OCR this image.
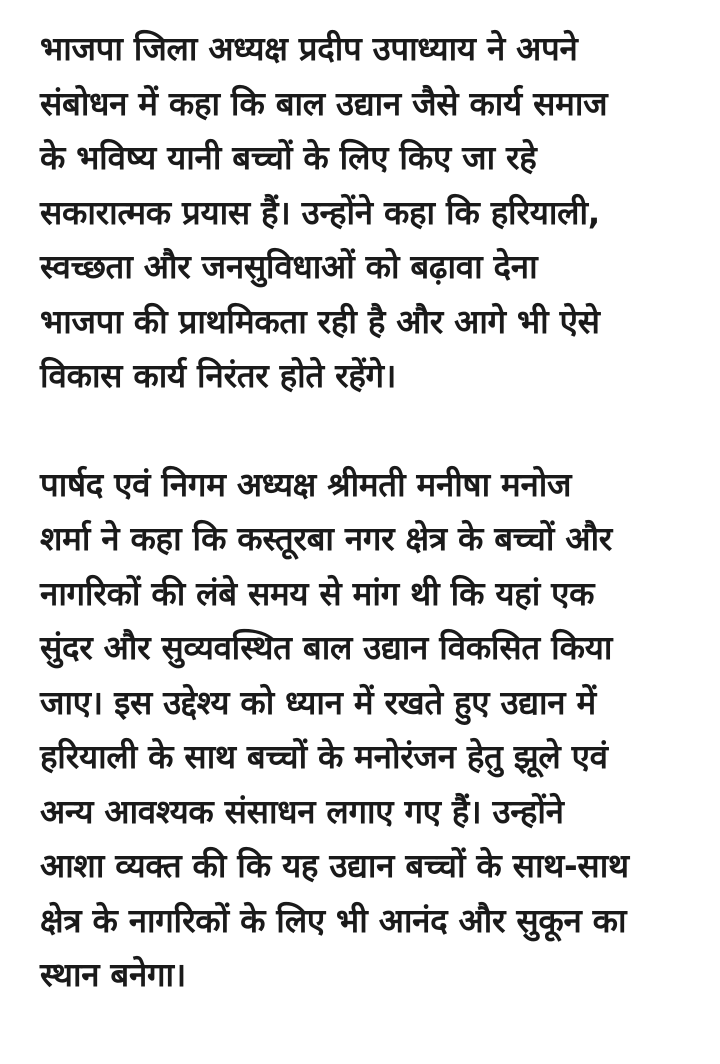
भाजपा जिला अध्यक्ष प्रदीप उपाध्याय ने अपने
संबोधन में कहा कि बाल उद्यान जैसे कार्य समाज
के भविष्य यानी बच्चों के लिए किए जा रहे
सकारात्मक प्रयास हैं। उन्होंने कहा कि हरियाली,
स्वच्छता और जनसुविधाओं को बढ़ावा देना
भाजपा की प्राथमिकता रही है और आगे भी ऐसे
विकास कार्य निरंतर होते रहेंगे।

पार्षद एवं निगम अध्यक्ष श्रीमती मनीषा मनोज
शर्मा ने कहा कि कस्तूरबा नगर क्षेत्र के बच्चों और
नागरिकों की लंबे समय से मांग थी कि यहां एक
सुंदर और सुव्यवस्थित बाल उद्यान विकसित किया
जाए। इस उद्देश्य को ध्यान में रखते हुए उद्यान में
हरियाली के साथ बच्चों के मनोरंजन हेतु झूले एवं
अन्य आवश्यक संसाधन लगाए गए हैं। उन्होंने
आशा व्यक्त की कि यह उद्यान बच्चों के साथ-साथ
क्षेत्र के नागरिकों के लिए भी आनंद और सुकून का
स्थान बनेगा।
